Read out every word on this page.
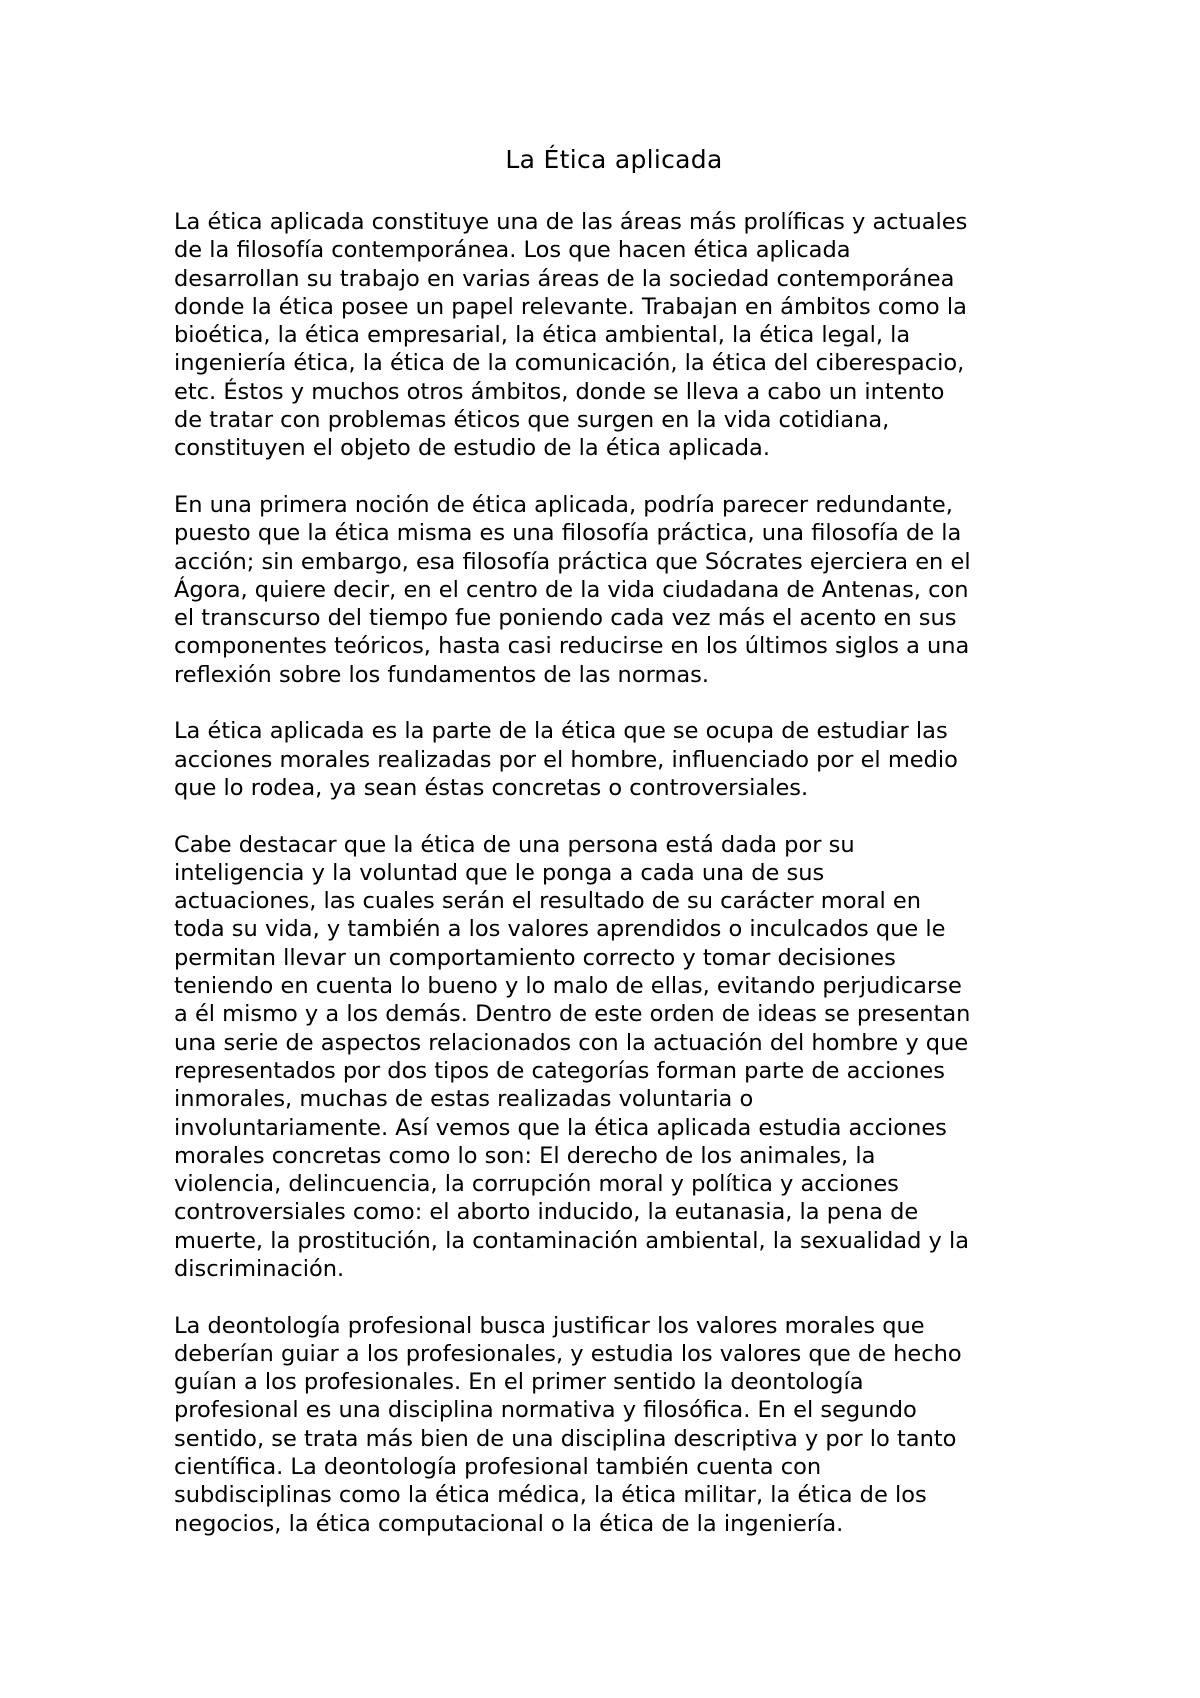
La Ética aplicada

La ética aplicada constituye una de las áreas más prolíficas y actuales
de la filosofía contemporánea. Los que hacen ética aplicada
desarrollan su trabajo en varias áreas de la sociedad contemporánea
donde la ética posee un papel relevante. Trabajan en ámbitos como la
bioética, la ética empresarial, la ética ambiental, la ética legal, la
ingeniería ética, la ética de la comunicación, la ética del ciberespacio,
etc. Éstos y muchos otros ámbitos, donde se lleva a cabo un intento
de tratar con problemas éticos que surgen en la vida cotidiana,
constituyen el objeto de estudio de la ética aplicada.

En una primera noción de ética aplicada, podría parecer redundante,
puesto que la ética misma es una filosofía práctica, una filosofía de la
acción; sin embargo, esa filosofía práctica que Sócrates ejerciera en el
Ágora, quiere decir, en el centro de la vida ciudadana de Antenas, con
el transcurso del tiempo fue poniendo cada vez más el acento en sus
componentes teóricos, hasta casi reducirse en los últimos siglos a una
reflexión sobre los fundamentos de las normas.

La ética aplicada es la parte de la ética que se ocupa de estudiar las
acciones morales realizadas por el hombre, influenciado por el medio
que lo rodea, ya sean éstas concretas o controversiales.

Cabe destacar que la ética de una persona está dada por su
inteligencia y la voluntad que le ponga a cada una de sus
actuaciones, las cuales serán el resultado de su carácter moral en
toda su vida, y también a los valores aprendidos o inculcados que le
permitan llevar un comportamiento correcto y tomar decisiones
teniendo en cuenta lo bueno y lo malo de ellas, evitando perjudicarse
a él mismo y a los demás. Dentro de este orden de ideas se presentan
una serie de aspectos relacionados con la actuación del hombre y que
representados por dos tipos de categorías forman parte de acciones
inmorales, muchas de estas realizadas voluntaria o
involuntariamente. Así vemos que la ética aplicada estudia acciones
morales concretas como lo son: El derecho de los animales, la
violencia, delincuencia, la corrupción moral y política y acciones
controversiales como: el aborto inducido, la eutanasia, la pena de
muerte, la prostitución, la contaminación ambiental, la sexualidad y la
discriminación.

La deontología profesional busca justificar los valores morales que
deberían guiar a los profesionales, y estudia los valores que de hecho
guían a los profesionales. En el primer sentido la deontología
profesional es una disciplina normativa y filosófica. En el segundo
sentido, se trata más bien de una disciplina descriptiva y por lo tanto
científica. La deontología profesional también cuenta con
subdisciplinas como la ética médica, la ética militar, la ética de los
negocios, la ética computacional o la ética de la ingeniería.
